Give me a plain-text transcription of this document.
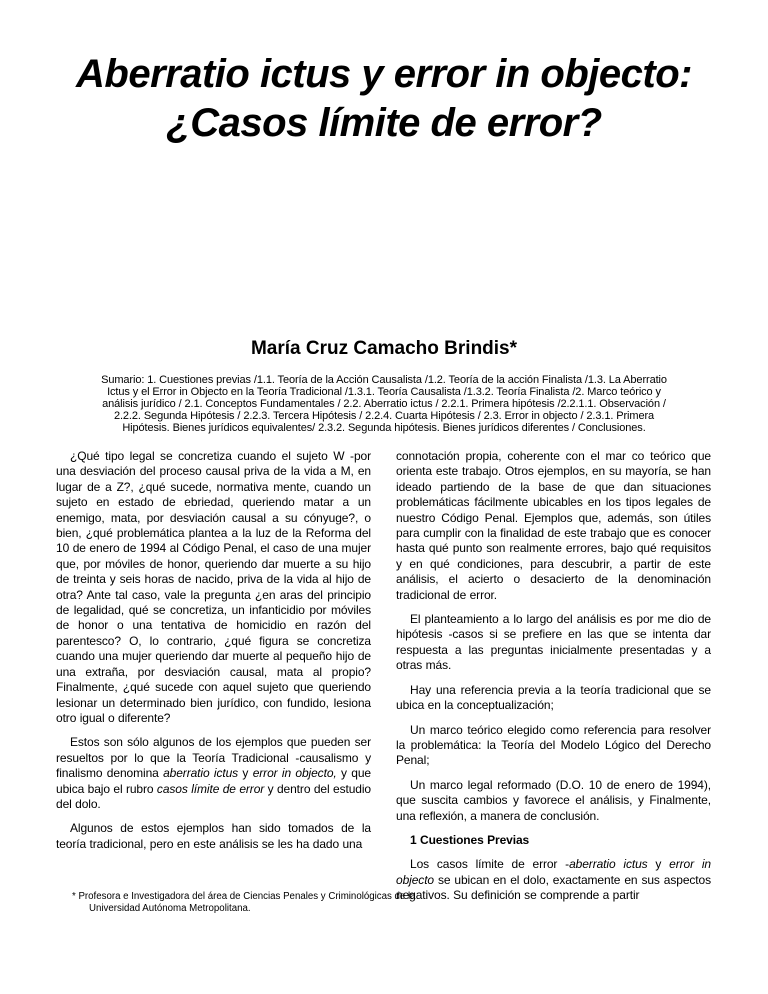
Aberratio ictus y error in objecto:
¿Casos límite de error?
María Cruz Camacho Brindis*
Sumario: 1. Cuestiones previas /1.1. Teoría de la Acción Causalista /1.2. Teoría de la acción Finalista /1.3. La Aberratio Ictus y el Error in Objecto en la Teoría Tradicional /1.3.1. Teoría Causalista /1.3.2. Teoría Finalista /2. Marco teórico y análisis jurídico / 2.1. Conceptos Fundamentales / 2.2. Aberratio ictus / 2.2.1. Primera hipótesis /2.2.1.1. Observación / 2.2.2. Segunda Hipótesis / 2.2.3. Tercera Hipótesis / 2.2.4. Cuarta Hipótesis / 2.3. Error in objecto / 2.3.1. Primera Hipótesis. Bienes jurídicos equivalentes/ 2.3.2. Segunda hipótesis. Bienes jurídicos diferentes / Conclusiones.

¿Qué tipo legal se concretiza cuando el sujeto W -por una desviación del proceso causal priva de la vida a M, en lugar de a Z?, ¿qué sucede, normativa mente, cuando un sujeto en estado de ebriedad, queriendo matar a un enemigo, mata, por desviación causal a su cónyuge?, o bien, ¿qué problemática plantea a la luz de la Reforma del 10 de enero de 1994 al Código Penal, el caso de una mujer que, por móviles de honor, queriendo dar muerte a su hijo de treinta y seis horas de nacido, priva de la vida al hijo de otra? Ante tal caso, vale la pregunta ¿en aras del principio de legalidad, qué se concretiza, un infanticidio por móviles de honor o una tentativa de homicidio en razón del parentesco? O, lo contrario, ¿qué figura se concretiza cuando una mujer queriendo dar muerte al pequeño hijo de una extraña, por desviación causal, mata al propio? Finalmente, ¿qué sucede con aquel sujeto que queriendo lesionar un determinado bien jurídico, con fundido, lesiona otro igual o diferente?

Estos son sólo algunos de los ejemplos que pueden ser resueltos por lo que la Teoría Tradicional -causalismo y finalismo denomina aberratio ictus y error in objecto, y que ubica bajo el rubro casos límite de error y dentro del estudio del dolo.

Algunos de estos ejemplos han sido tomados de la teoría tradicional, pero en este análisis se les ha dado una

connotación propia, coherente con el mar co teórico que orienta este trabajo. Otros ejemplos, en su mayoría, se han ideado partiendo de la base de que dan situaciones problemáticas fácilmente ubicables en los tipos legales de nuestro Código Penal. Ejemplos que, además, son útiles para cumplir con la finalidad de este trabajo que es conocer hasta qué punto son realmente errores, bajo qué requisitos y en qué condiciones, para descubrir, a partir de este análisis, el acierto o desacierto de la denominación tradicional de error.

El planteamiento a lo largo del análisis es por me dio de hipótesis -casos si se prefiere en las que se intenta dar respuesta a las preguntas inicialmente presentadas y a otras más.

Hay una referencia previa a la teoría tradicional que se ubica en la conceptualización;

Un marco teórico elegido como referencia para resolver la problemática: la Teoría del Modelo Lógico del Derecho Penal;

Un marco legal reformado (D.O. 10 de enero de 1994), que suscita cambios y favorece el análisis, y Finalmente, una reflexión, a manera de conclusión.

1 Cuestiones Previas

Los casos límite de error -aberratio ictus y error in objecto se ubican en el dolo, exactamente en sus aspectos negativos. Su definición se comprende a partir

* Profesora e Investigadora del área de Ciencias Penales y Criminológicas de la Universidad Autónoma Metropolitana.
